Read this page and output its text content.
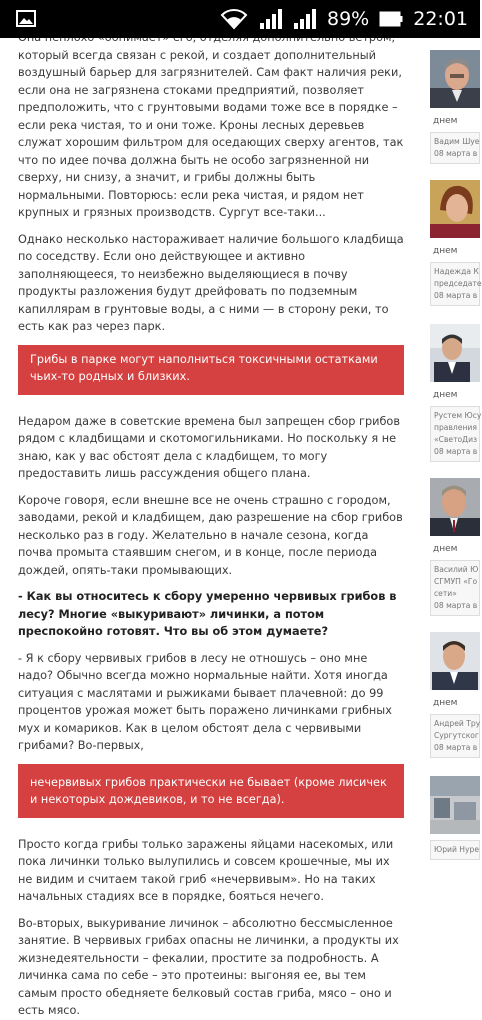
89% 22:01

который всегда связан с рекой, и создает дополнительный воздушный барьер для загрязнителей. Сам факт наличия реки, если она не загрязнена стоками предприятий, позволяет предположить, что с грунтовыми водами тоже все в порядке – если река чистая, то и они тоже. Кроны лесных деревьев служат хорошим фильтром для оседающих сверху агентов, так что по идее почва должна быть не особо загрязненной ни сверху, ни снизу, а значит, и грибы должны быть нормальными. Повторюсь: если река чистая, и рядом нет крупных и грязных производств. Сургут все-таки...

Однако несколько настораживает наличие большого кладбища по соседству. Если оно действующее и активно заполняющееся, то неизбежно выделяющиеся в почву продукты разложения будут дрейфовать по подземным капиллярам в грунтовые воды, а с ними — в сторону реки, то есть как раз через парк.

Грибы в парке могут наполниться токсичными остатками чьих-то родных и близких.

Недаром даже в советские времена был запрещен сбор грибов рядом с кладбищами и скотомогильниками. Но поскольку я не знаю, как у вас обстоят дела с кладбищем, то могу предоставить лишь рассуждения общего плана.

Короче говоря, если внешне все не очень страшно с городом, заводами, рекой и кладбищем, даю разрешение на сбор грибов несколько раз в году. Желательно в начале сезона, когда почва промыта стаявшим снегом, и в конце, после периода дождей, опять-таки промывающих.

- Как вы относитесь к сбору умеренно червивых грибов в лесу? Многие «выкуривают» личинки, а потом преспокойно готовят. Что вы об этом думаете?

- Я к сбору червивых грибов в лесу не отношусь – оно мне надо? Обычно всегда можно нормальные найти. Хотя иногда ситуация с маслятами и рыжиками бывает плачевной: до 99 процентов урожая может быть поражено личинками грибных мух и комариков. Как в целом обстоят дела с червивыми грибами? Во-первых,

нечервивых грибов практически не бывает (кроме лисичек и некоторых дождевиков, и то не всегда).

Просто когда грибы только заражены яйцами насекомых, или пока личинки только вылупились и совсем крошечные, мы их не видим и считаем такой гриб «нечервивым». Но на таких начальных стадиях все в порядке, бояться нечего.

Во-вторых, выкуривание личинок – абсолютно бессмысленное занятие. В червивых грибах опасны не личинки, а продукты их жизнедеятельности – фекалии, простите за подробность. А личинка сама по себе – это протеины: выгоняя ее, вы тем самым просто обедняете белковый состав гриба, мясо – оно и есть мясо.

днем
Вадим Шуе
08 марта в
днем
Надежда К
председате
08 марта в
днем
Рустем Юсу
правления
«СветоДиз
08 марта в
днем
Василий Ю
СГМУП «Го
сети»
08 марта в
днем
Андрей Тру
Сургутског
08 марта в
Юрий Нуре
